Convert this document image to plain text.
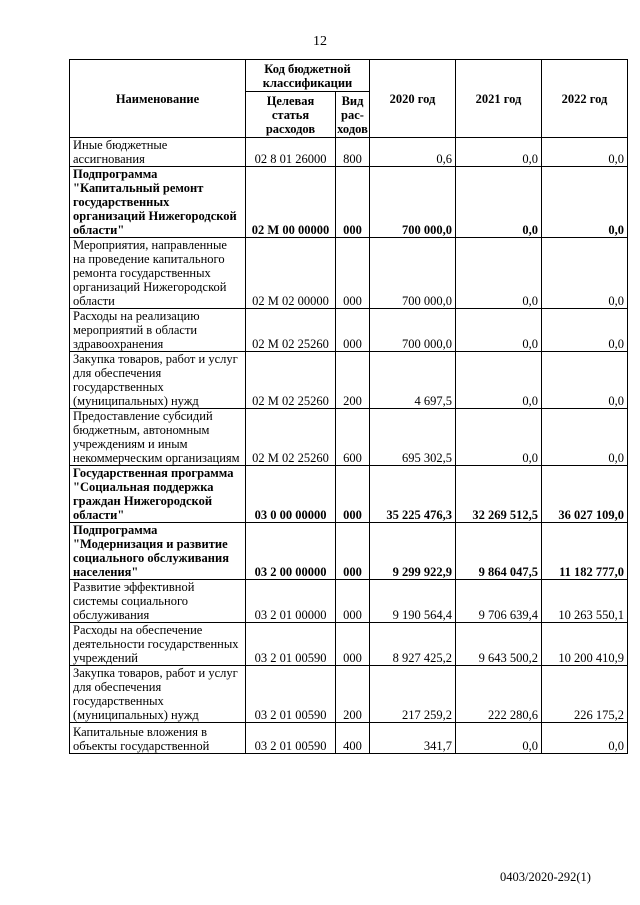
12
Наименование	Код бюджетной классификации		2020 год	2021 год	2022 год
	Целевая статья расходов	Вид рас-ходов			
Иные бюджетные ассигнования	02 8 01 26000	800	0,6	0,0	0,0
Подпрограмма "Капитальный ремонт государственных организаций Нижегородской области"	02 М 00 00000	000	700 000,0	0,0	0,0
Мероприятия, направленные на проведение капитального ремонта государственных организаций Нижегородской области	02 М 02 00000	000	700 000,0	0,0	0,0
Расходы на реализацию мероприятий в области здравоохранения	02 М 02 25260	000	700 000,0	0,0	0,0
Закупка товаров, работ и услуг для обеспечения государственных (муниципальных) нужд	02 М 02 25260	200	4 697,5	0,0	0,0
Предоставление субсидий бюджетным, автономным учреждениям и иным некоммерческим организациям	02 М 02 25260	600	695 302,5	0,0	0,0
Государственная программа "Социальная поддержка граждан Нижегородской области"	03 0 00 00000	000	35 225 476,3	32 269 512,5	36 027 109,0
Подпрограмма "Модернизация и развитие социального обслуживания населения"	03 2 00 00000	000	9 299 922,9	9 864 047,5	11 182 777,0
Развитие эффективной системы социального обслуживания	03 2 01 00000	000	9 190 564,4	9 706 639,4	10 263 550,1
Расходы на обеспечение деятельности государственных учреждений	03 2 01 00590	000	8 927 425,2	9 643 500,2	10 200 410,9
Закупка товаров, работ и услуг для обеспечения государственных (муниципальных) нужд	03 2 01 00590	200	217 259,2	222 280,6	226 175,2
Капитальные вложения в объекты государственной	03 2 01 00590	400	341,7	0,0	0,0
0403/2020-292(1)
